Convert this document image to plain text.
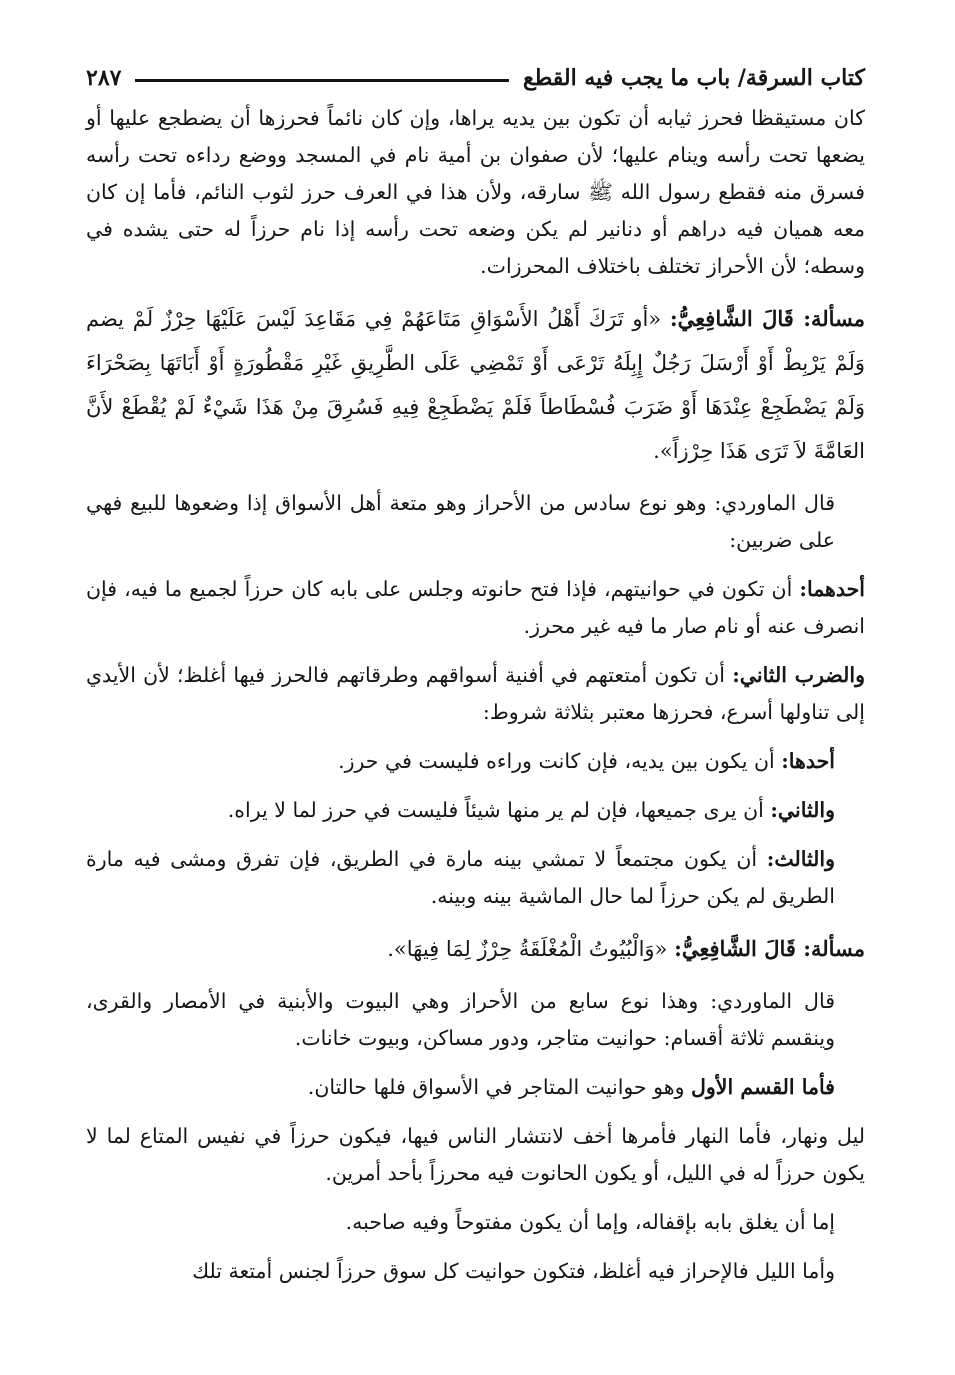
كتاب السرقة/ باب ما يجب فيه القطع
٢٨٧

كان مستيقظا فحرز ثيابه أن تكون بين يديه يراها، وإن كان نائماً فحرزها أن يضطجع عليها أو يضعها تحت رأسه وينام عليها؛ لأن صفوان بن أمية نام في المسجد ووضع رداءه تحت رأسه فسرق منه فقطع رسول الله ﷺ سارقه، ولأن هذا في العرف حرز لثوب النائم، فأما إن كان معه هميان فيه دراهم أو دنانير لم يكن وضعه تحت رأسه إذا نام حرزاً له حتى يشده في وسطه؛ لأن الأحراز تختلف باختلاف المحرزات.

مسألة: قَالَ الشَّافِعِيُّ: «أو تَرَكَ أَهْلُ الأَسْوَاقِ مَتَاعَهُمْ فِي مَقَاعِدَ لَيْسَ عَلَيْهَا حِرْزٌ لَمْ يضم وَلَمْ يَرْبِطْ أَوْ أَرْسَلَ رَجُلٌ إِبِلَهُ تَرْعَى أَوْ تَمْضِي عَلَى الطَّرِيقِ غَيْرِ مَقْطُورَةٍ أَوْ أَبَاتَهَا بِصَحْرَاءَ وَلَمْ يَضْطَجِعْ عِنْدَهَا أَوْ ضَرَبَ فُسْطَاطاً فَلَمْ يَضْطَجِعْ فِيهِ فَسُرِقَ مِنْ هَذَا شَيْءٌ لَمْ يُقْطَعْ لأَنَّ العَامَّةَ لاَ تَرَى هَذَا حِرْزاً».

قال الماوردي: وهو نوع سادس من الأحراز وهو متعة أهل الأسواق إذا وضعوها للبيع فهي على ضربين:

أحدهما: أن تكون في حوانيتهم، فإذا فتح حانوته وجلس على بابه كان حرزاً لجميع ما فيه، فإن انصرف عنه أو نام صار ما فيه غير محرز.

والضرب الثاني: أن تكون أمتعتهم في أفنية أسواقهم وطرقاتهم فالحرز فيها أغلظ؛ لأن الأيدي إلى تناولها أسرع، فحرزها معتبر بثلاثة شروط:

أحدها: أن يكون بين يديه، فإن كانت وراءه فليست في حرز.

والثاني: أن يرى جميعها، فإن لم ير منها شيئاً فليست في حرز لما لا يراه.

والثالث: أن يكون مجتمعاً لا تمشي بينه مارة في الطريق، فإن تفرق ومشى فيه مارة الطريق لم يكن حرزاً لما حال الماشية بينه وبينه.

مسألة: قَالَ الشَّافِعِيُّ: «وَالْبُيُوتُ الْمُغْلَقَةُ حِرْزٌ لِمَا فِيهَا».

قال الماوردي: وهذا نوع سابع من الأحراز وهي البيوت والأبنية في الأمصار والقرى، وينقسم ثلاثة أقسام: حوانيت متاجر، ودور مساكن، وبيوت خانات.

فأما القسم الأول وهو حوانيت المتاجر في الأسواق فلها حالتان.

ليل ونهار، فأما النهار فأمرها أخف لانتشار الناس فيها، فيكون حرزاً في نفيس المتاع لما لا يكون حرزاً له في الليل، أو يكون الحانوت فيه محرزاً بأحد أمرين.

إما أن يغلق بابه بإقفاله، وإما أن يكون مفتوحاً وفيه صاحبه.

وأما الليل فالإحراز فيه أغلظ، فتكون حوانيت كل سوق حرزاً لجنس أمتعة تلك
